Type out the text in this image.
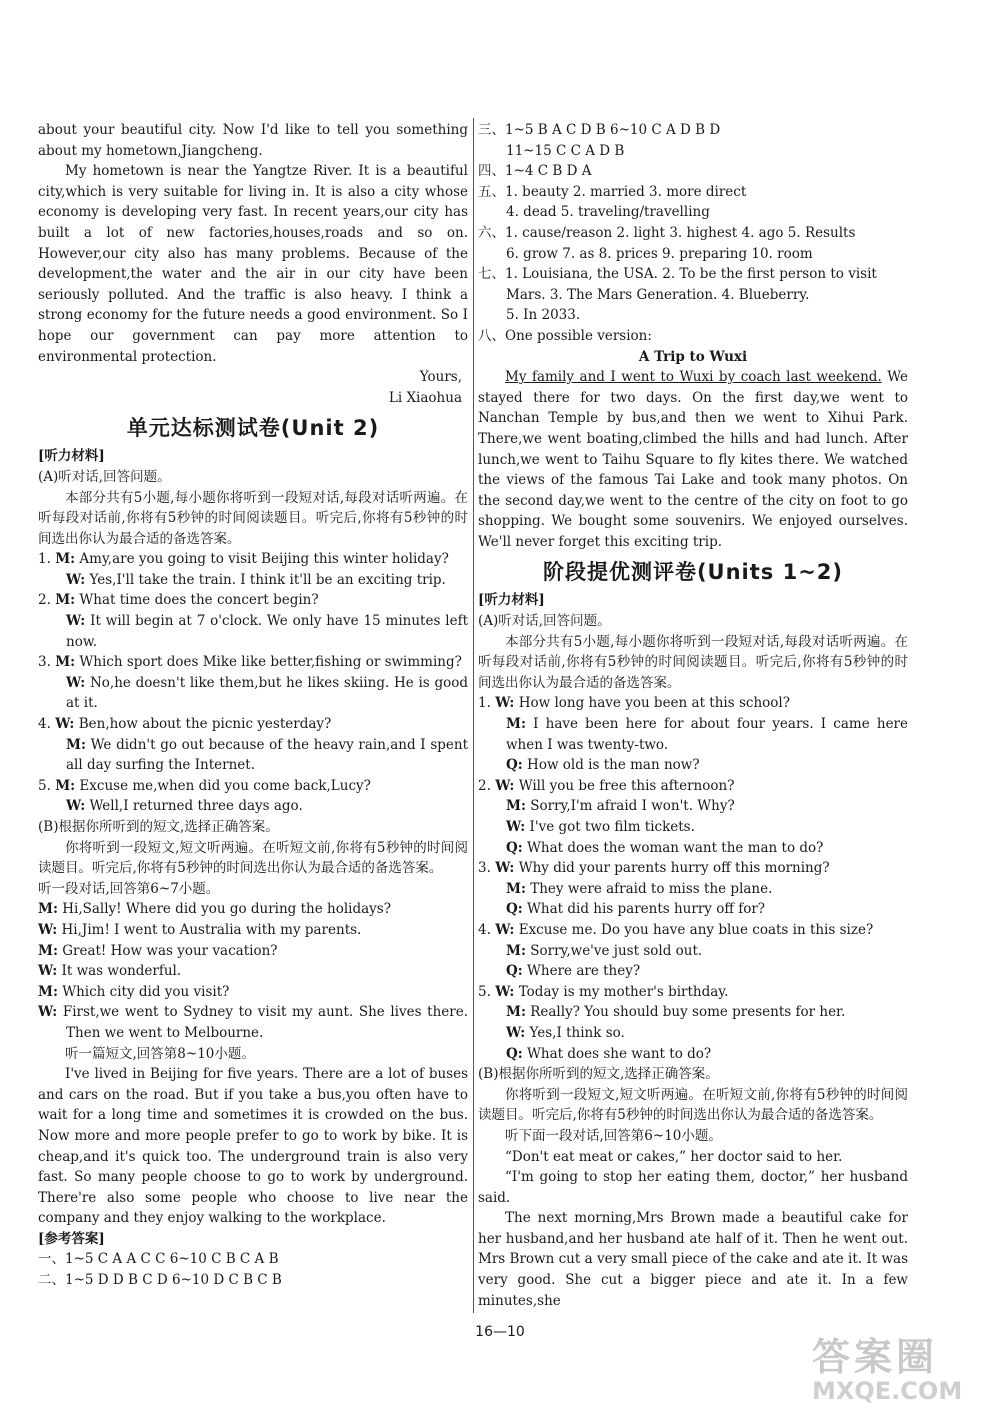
about your beautiful city. Now I'd like to tell you something about my hometown,Jiangcheng.

My hometown is near the Yangtze River. It is a beautiful city,which is very suitable for living in. It is also a city whose economy is developing very fast. In recent years,our city has built a lot of new factories,houses,roads and so on. However,our city also has many problems. Because of the development,the water and the air in our city have been seriously polluted. And the traffic is also heavy. I think a strong economy for the future needs a good environment. So I hope our government can pay more attention to environmental protection.

Yours,

Li Xiaohua

单元达标测试卷(Unit 2)

[听力材料]

(A)听对话,回答问题。

本部分共有5小题,每小题你将听到一段短对话,每段对话听两遍。在听每段对话前,你将有5秒钟的时间阅读题目。听完后,你将有5秒钟的时间选出你认为最合适的备选答案。

1. M: Amy,are you going to visit Beijing this winter holiday?

W: Yes,I'll take the train. I think it'll be an exciting trip.

2. M: What time does the concert begin?

W: It will begin at 7 o'clock. We only have 15 minutes left now.

3. M: Which sport does Mike like better,fishing or swimming?

W: No,he doesn't like them,but he likes skiing. He is good at it.

4. W: Ben,how about the picnic yesterday?

M: We didn't go out because of the heavy rain,and I spent all day surfing the Internet.

5. M: Excuse me,when did you come back,Lucy?

W: Well,I returned three days ago.

(B)根据你所听到的短文,选择正确答案。

你将听到一段短文,短文听两遍。在听短文前,你将有5秒钟的时间阅读题目。听完后,你将有5秒钟的时间选出你认为最合适的备选答案。

听一段对话,回答第6~7小题。

M: Hi,Sally! Where did you go during the holidays?

W: Hi,Jim! I went to Australia with my parents.

M: Great! How was your vacation?

W: It was wonderful.

M: Which city did you visit?

W: First,we went to Sydney to visit my aunt. She lives there. Then we went to Melbourne.

听一篇短文,回答第8~10小题。

I've lived in Beijing for five years. There are a lot of buses and cars on the road. But if you take a bus,you often have to wait for a long time and sometimes it is crowded on the bus. Now more and more people prefer to go to work by bike. It is cheap,and it's quick too. The underground train is also very fast. So many people choose to go to work by underground. There're also some people who choose to live near the company and they enjoy walking to the workplace.

[参考答案]

一、1~5 C A A C C 6~10 C B C A B

二、1~5 D D B C D 6~10 D C B C B

三、1~5 B A C D B 6~10 C A D B D

11~15 C C A D B

四、1~4 C B D A

五、1. beauty 2. married 3. more direct

4. dead 5. traveling/travelling

六、1. cause/reason 2. light 3. highest 4. ago 5. Results

6. grow 7. as 8. prices 9. preparing 10. room

七、1. Louisiana, the USA. 2. To be the first person to visit

Mars. 3. The Mars Generation. 4. Blueberry.

5. In 2033.

八、One possible version:

A Trip to Wuxi

My family and I went to Wuxi by coach last weekend. We stayed there for two days. On the first day,we went to Nanchan Temple by bus,and then we went to Xihui Park. There,we went boating,climbed the hills and had lunch. After lunch,we went to Taihu Square to fly kites there. We watched the views of the famous Tai Lake and took many photos. On the second day,we went to the centre of the city on foot to go shopping. We bought some souvenirs. We enjoyed ourselves. We'll never forget this exciting trip.

阶段提优测评卷(Units 1~2)

[听力材料]

(A)听对话,回答问题。

本部分共有5小题,每小题你将听到一段短对话,每段对话听两遍。在听每段对话前,你将有5秒钟的时间阅读题目。听完后,你将有5秒钟的时间选出你认为最合适的备选答案。

1. W: How long have you been at this school?

M: I have been here for about four years. I came here when I was twenty-two.

Q: How old is the man now?

2. W: Will you be free this afternoon?

M: Sorry,I'm afraid I won't. Why?

W: I've got two film tickets.

Q: What does the woman want the man to do?

3. W: Why did your parents hurry off this morning?

M: They were afraid to miss the plane.

Q: What did his parents hurry off for?

4. W: Excuse me. Do you have any blue coats in this size?

M: Sorry,we've just sold out.

Q: Where are they?

5. W: Today is my mother's birthday.

M: Really? You should buy some presents for her.

W: Yes,I think so.

Q: What does she want to do?

(B)根据你所听到的短文,选择正确答案。

你将听到一段短文,短文听两遍。在听短文前,你将有5秒钟的时间阅读题目。听完后,你将有5秒钟的时间选出你认为最合适的备选答案。

听下面一段对话,回答第6~10小题。

“Don't eat meat or cakes,” her doctor said to her.

“I'm going to stop her eating them, doctor,” her husband said.

The next morning,Mrs Brown made a beautiful cake for her husband,and her husband ate half of it. Then he went out. Mrs Brown cut a very small piece of the cake and ate it. It was very good. She cut a bigger piece and ate it. In a few minutes,she

16—10
答案圈
MXQE.COM
